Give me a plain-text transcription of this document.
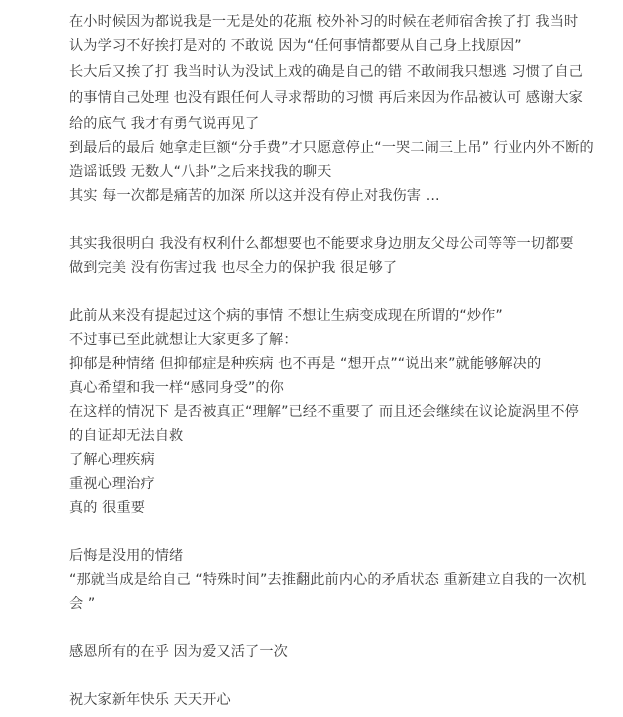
在小时候因为都说我是一无是处的花瓶 校外补习的时候在老师宿舍挨了打 我当时
认为学习不好挨打是对的 不敢说 因为“任何事情都要从自己身上找原因”
长大后又挨了打 我当时认为没试上戏的确是自己的错 不敢闹我只想逃 习惯了自己
的事情自己处理 也没有跟任何人寻求帮助的习惯 再后来因为作品被认可 感谢大家
给的底气 我才有勇气说再见了
到最后的最后 她拿走巨额“分手费”才只愿意停止“一哭二闹三上吊” 行业内外不断的
造谣诋毁 无数人“八卦”之后来找我的聊天
其实 每一次都是痛苦的加深 所以这并没有停止对我伤害 ...
其实我很明白 我没有权利什么都想要也不能要求身边朋友父母公司等等一切都要
做到完美 没有伤害过我 也尽全力的保护我 很足够了
此前从来没有提起过这个病的事情 不想让生病变成现在所谓的“炒作”
不过事已至此就想让大家更多了解：
抑郁是种情绪 但抑郁症是种疾病 也不再是 “想开点”“说出来”就能够解决的
真心希望和我一样“感同身受”的你
在这样的情况下 是否被真正“理解”已经不重要了 而且还会继续在议论旋涡里不停
的自证却无法自救
了解心理疾病
重视心理治疗
真的 很重要
后悔是没用的情绪
“那就当成是给自己 “特殊时间”去推翻此前内心的矛盾状态 重新建立自我的一次机
会 ”
感恩所有的在乎 因为爱又活了一次
祝大家新年快乐 天天开心
